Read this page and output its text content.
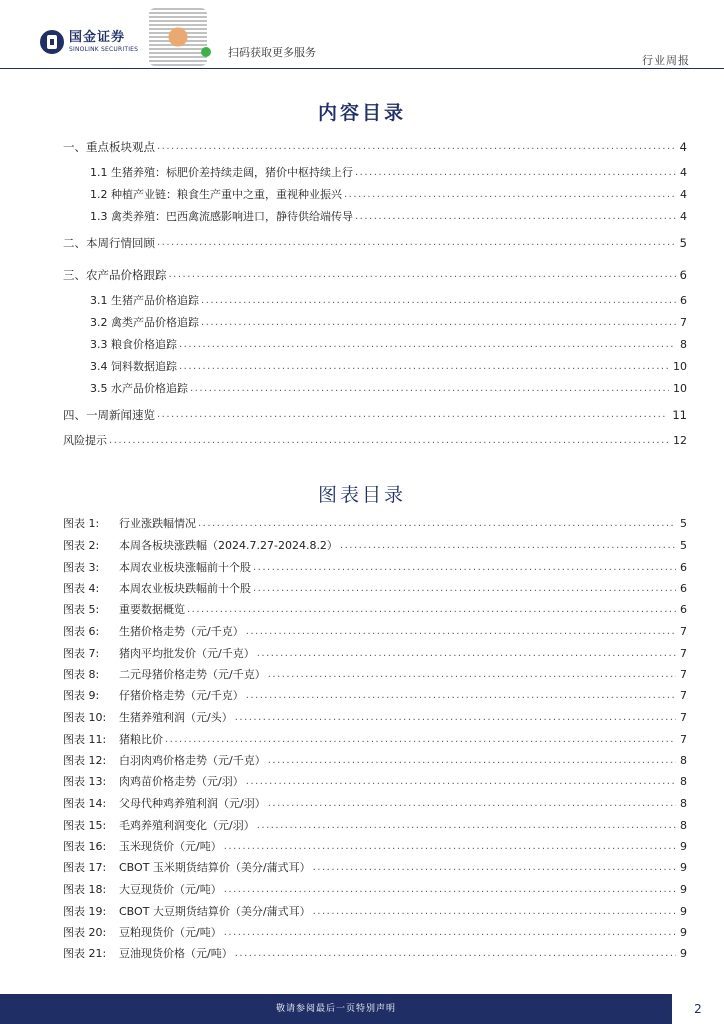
国金证券
SINOLINK SECURITIES	扫码获取更多服务
行业周报
内容目录
一、重点板块观点 .....	4
1.1 生猪养殖：标肥价差持续走阔，猪价中枢持续上行 .....	4
1.2 种植产业链：粮食生产重中之重，重视种业振兴 .....	4
1.3 禽类养殖：巴西禽流感影响进口，静待供给端传导 .....	4
二、本周行情回顾 .....	5
三、农产品价格跟踪 .....	6
3.1 生猪产品价格追踪 .....	6
3.2 禽类产品价格追踪 .....	7
3.3 粮食价格追踪 .....	8
3.4 饲料数据追踪 .....	10
3.5 水产品价格追踪 .....	10
四、一周新闻速览 .....	11
风险提示 .....	12
图表目录
图表 1: 行业涨跌幅情况 .....	5
图表 2: 本周各板块涨跌幅（2024.7.27-2024.8.2） .....	5
图表 3: 本周农业板块涨幅前十个股 .....	6
图表 4: 本周农业板块跌幅前十个股 .....	6
图表 5: 重要数据概览 .....	6
图表 6: 生猪价格走势（元/千克） .....	7
图表 7: 猪肉平均批发价（元/千克） .....	7
图表 8: 二元母猪价格走势（元/千克） .....	7
图表 9: 仔猪价格走势（元/千克） .....	7
图表 10: 生猪养殖利润（元/头） .....	7
图表 11: 猪粮比价 .....	7
图表 12: 白羽肉鸡价格走势（元/千克） .....	8
图表 13: 肉鸡苗价格走势（元/羽） .....	8
图表 14: 父母代种鸡养殖利润（元/羽） .....	8
图表 15: 毛鸡养殖利润变化（元/羽） .....	8
图表 16: 玉米现货价（元/吨） .....	9
图表 17: CBOT 玉米期货结算价（美分/蒲式耳） .....	9
图表 18: 大豆现货价（元/吨） .....	9
图表 19: CBOT 大豆期货结算价（美分/蒲式耳） .....	9
图表 20: 豆粕现货价（元/吨） .....	9
图表 21: 豆油现货价格（元/吨） .....	9
敬请参阅最后一页特别声明	2
